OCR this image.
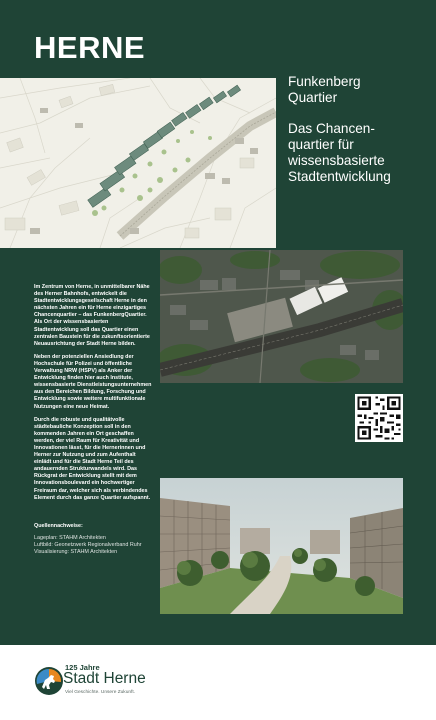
HERNE
Funkenberg
Quartier
Das Chancen-
quartier für
wissensbasierte
Stadtentwicklung

Im Zentrum von Herne, in unmittelbarer Nähe des Herner Bahnhofs, entwickelt die Stadtentwicklungsgesellschaft Herne in den nächsten Jahren ein für Herne einzigartiges Chancenquartier – das FunkenbergQuartier. Als Ort der wissensbasierten Stadtentwicklung soll das Quartier einen zentralen Baustein für die zukunftsorientierte Neuausrichtung der Stadt Herne bilden.

Neben der potenziellen Ansiedlung der Hochschule für Polizei und öffentliche Verwaltung NRW (HSPV) als Anker der Entwicklung finden hier auch Institute, wissensbasierte Dienstleistungsunternehmen aus den Bereichen Bildung, Forschung und Entwicklung sowie weitere multifunktionale Nutzungen eine neue Heimat.

Durch die robuste und qualitätvolle städtebauliche Konzeption soll in den kommenden Jahren ein Ort geschaffen werden, der viel Raum für Kreativität und Innovationen lässt, für die Hernerinnen und Herner zur Nutzung und zum Aufenthalt einlädt und für die Stadt Herne Teil des andauernden Strukturwandels wird. Das Rückgrat der Entwicklung stellt mit dem Innovationsboulevard ein hochwertiger Freiraum dar, welcher sich als verbindendes Element durch das ganze Quartier aufspannt.

Quellennachweise:
Lageplan: STAHM Architekten
Luftbild: Geonetzwerk Regionalverband Ruhr
Visualisierung: STAHM Architekten
125 Jahre
Stadt Herne
Viel Geschichte. Unsere Zukunft.
